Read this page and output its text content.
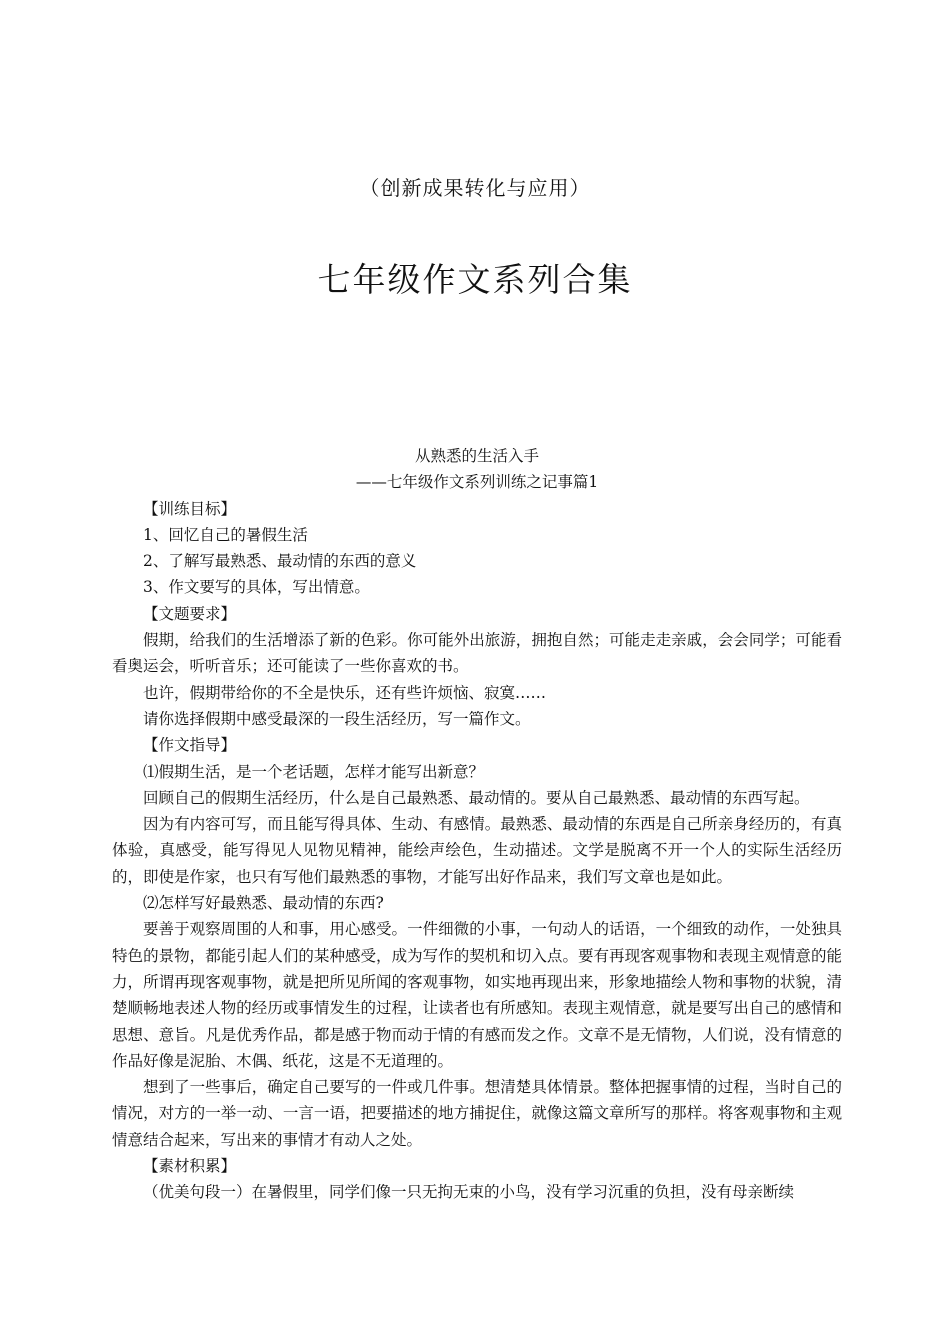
（创新成果转化与应用）
七年级作文系列合集

从熟悉的生活入手

——七年级作文系列训练之记事篇1

【训练目标】

1、回忆自己的暑假生活

2、了解写最熟悉、最动情的东西的意义

3、作文要写的具体，写出情意。

【文题要求】

假期，给我们的生活增添了新的色彩。你可能外出旅游，拥抱自然；可能走走亲戚，会会同学；可能看看奥运会，听听音乐；还可能读了一些你喜欢的书。

也许，假期带给你的不全是快乐，还有些许烦恼、寂寞……

请你选择假期中感受最深的一段生活经历，写一篇作文。

【作文指导】

⑴假期生活，是一个老话题，怎样才能写出新意？

回顾自己的假期生活经历，什么是自己最熟悉、最动情的。要从自己最熟悉、最动情的东西写起。

因为有内容可写，而且能写得具体、生动、有感情。最熟悉、最动情的东西是自己所亲身经历的，有真体验，真感受，能写得见人见物见精神，能绘声绘色，生动描述。文学是脱离不开一个人的实际生活经历的，即使是作家，也只有写他们最熟悉的事物，才能写出好作品来，我们写文章也是如此。

⑵怎样写好最熟悉、最动情的东西?

要善于观察周围的人和事，用心感受。一件细微的小事，一句动人的话语，一个细致的动作，一处独具特色的景物，都能引起人们的某种感受，成为写作的契机和切入点。要有再现客观事物和表现主观情意的能力，所谓再现客观事物，就是把所见所闻的客观事物，如实地再现出来，形象地描绘人物和事物的状貌，清楚顺畅地表述人物的经历或事情发生的过程，让读者也有所感知。表现主观情意，就是要写出自己的感情和思想、意旨。凡是优秀作品，都是感于物而动于情的有感而发之作。文章不是无情物，人们说，没有情意的作品好像是泥胎、木偶、纸花，这是不无道理的。

想到了一些事后，确定自己要写的一件或几件事。想清楚具体情景。整体把握事情的过程，当时自己的情况，对方的一举一动、一言一语，把要描述的地方捕捉住，就像这篇文章所写的那样。将客观事物和主观情意结合起来，写出来的事情才有动人之处。

【素材积累】

（优美句段一）在暑假里，同学们像一只无拘无束的小鸟，没有学习沉重的负担，没有母亲断续
